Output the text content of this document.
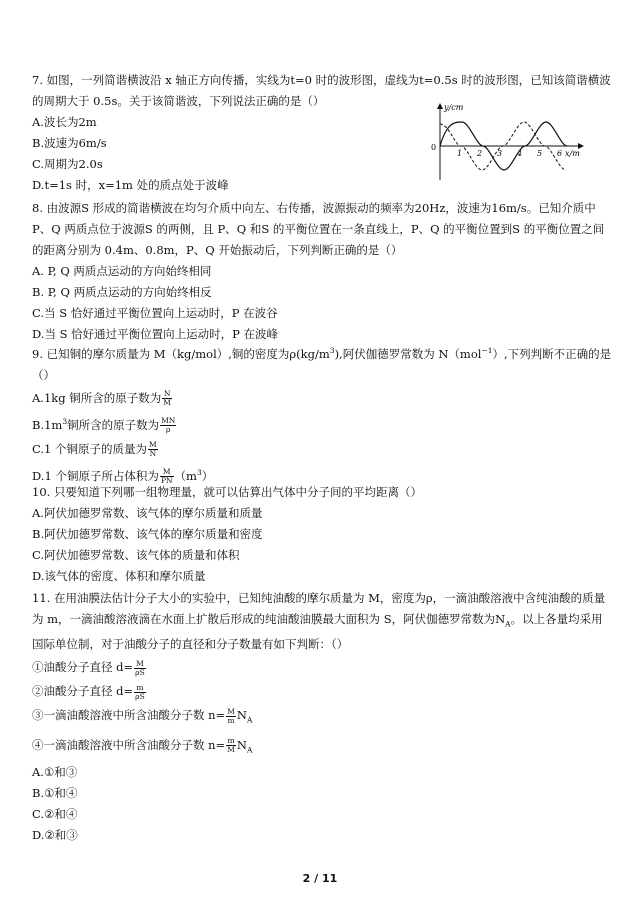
7. 如图，一列简谐横波沿 x 轴正方向传播，实线为t=0 时的波形图，虚线为t=0.5s 时的波形图，已知该简谐横波的周期大于 0.5s。关于该简谐波，下列说法正确的是（）

A.波长为2m

B.波速为6m/s

C.周期为2.0s

D.t=1s 时，x=1m 处的质点处于波峰

y/cm
x/m
0
1 2 3 4 5 6

8. 由波源S 形成的简谐横波在均匀介质中向左、右传播，波源振动的频率为20Hz，波速为16m/s。已知介质中 P、Q 两质点位于波源S 的两侧，且 P、Q 和S 的平衡位置在一条直线上，P、Q 的平衡位置到S 的平衡位置之间的距离分别为 0.4m、0.8m，P、Q 开始振动后，下列判断正确的是（）

A. P, Q 两质点运动的方向始终相同

B. P, Q 两质点运动的方向始终相反

C.当 S 恰好通过平衡位置向上运动时，P 在波谷

D.当 S 恰好通过平衡位置向上运动时，P 在波峰

9. 已知铜的摩尔质量为 M（kg/mol）,铜的密度为$\rho(kg/m^3)$,阿伏伽德罗常数为 N（mol$^{-1}$）,下列判断不正确的是（）

A.1kg 铜所含的原子数为 $\frac{N}{M}$

$B.1m^3$铜所含的原子数为 $\frac{MN}{\rho}$

C.1 个铜原子的质量为 $\frac{M}{N}$

D.1 个铜原子所占体积为 $\frac{M}{PN} (m^3)$

10. 只要知道下列哪一组物理量，就可以估算出气体中分子间的平均距离（）

A.阿伏加德罗常数、该气体的摩尔质量和质量

B.阿伏加德罗常数、该气体的摩尔质量和密度

C.阿伏加德罗常数、该气体的质量和体积

D.该气体的密度、体积和摩尔质量

11. 在用油膜法估计分子大小的实验中，已知纯油酸的摩尔质量为 M，密度为ρ，一滴油酸溶液中含纯油酸的质量为 m，一滴油酸溶液滴在水面上扩散后形成的纯油酸油膜最大面积为 S，阿伏伽德罗常数为$N_A$。以上各量均采用国际单位制，对于油酸分子的直径和分子数量有如下判断：（）

①油酸分子直径 $d= \frac{M}{\rho S}$

②油酸分子直径 $d= \frac{m}{\rho S}$

③一滴油酸溶液中所含油酸分子数 $n= \frac{M}{m} N_A$

④一滴油酸溶液中所含油酸分子数 $n= \frac{m}{M} N_A$

A.①和③

B.①和④

C.②和④

D.②和③

2 / 11
